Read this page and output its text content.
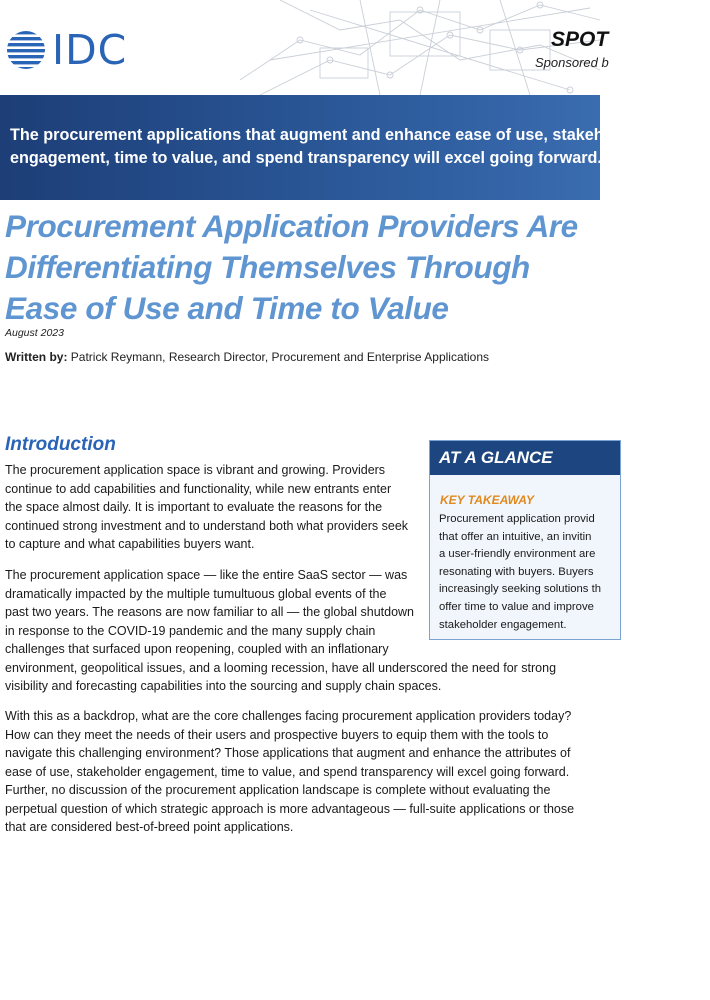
IDC	SPOT
Sponsored b

The procurement applications that augment and enhance ease of use, stakeholder
engagement, time to value, and spend transparency will excel going forward.

Procurement Application Providers Are
Differentiating Themselves Through
Ease of Use and Time to Value
August 2023
Written by: Patrick Reymann, Research Director, Procurement and Enterprise Applications
Introduction

The procurement application space is vibrant and growing. Providers
continue to add capabilities and functionality, while new entrants enter
the space almost daily. It is important to evaluate the reasons for the
continued strong investment and to understand both what providers seek
to capture and what capabilities buyers want.

The procurement application space — like the entire SaaS sector — was
dramatically impacted by the multiple tumultuous global events of the
past two years. The reasons are now familiar to all — the global shutdown
in response to the COVID-19 pandemic and the many supply chain
challenges that surfaced upon reopening, coupled with an inflationary
environment, geopolitical issues, and a looming recession, have all underscored the need for strong
visibility and forecasting capabilities into the sourcing and supply chain spaces.

With this as a backdrop, what are the core challenges facing procurement application providers today?
How can they meet the needs of their users and prospective buyers to equip them with the tools to
navigate this challenging environment? Those applications that augment and enhance the attributes of
ease of use, stakeholder engagement, time to value, and spend transparency will excel going forward.
Further, no discussion of the procurement application landscape is complete without evaluating the
perpetual question of which strategic approach is more advantageous — full-suite applications or those
that are considered best-of-breed point applications.

AT A GLANCE
KEY TAKEAWAY

Procurement application provid
that offer an intuitive, an invitin
a user-friendly environment are
resonating with buyers. Buyers
increasingly seeking solutions th
offer time to value and improve
stakeholder engagement.
